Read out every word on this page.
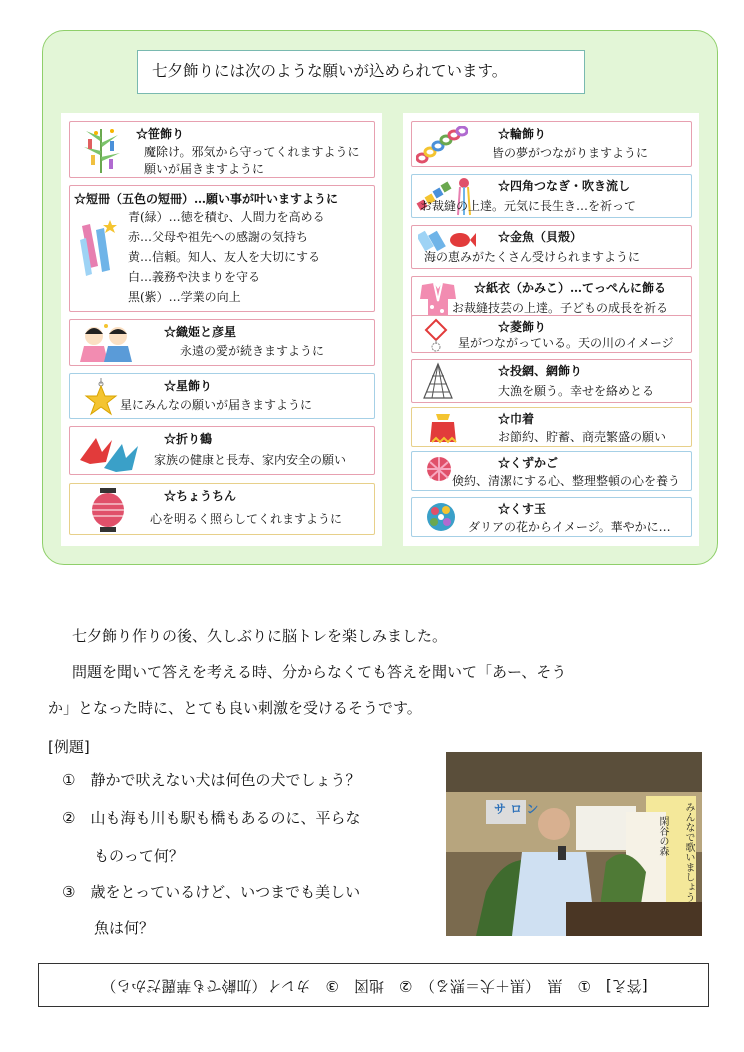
七夕飾りには次のような願いが込められています。
☆笹飾り
魔除け。邪気から守ってくれますように
願いが届きますように
☆短冊（五色の短冊）…願い事が叶いますように
青(緑）…徳を積む、人間力を高める
赤…父母や祖先への感謝の気持ち
黄…信頼。知人、友人を大切にする
白…義務や決まりを守る
黒(紫）…学業の向上
☆織姫と彦星
永遠の愛が続きますように
☆星飾り
星にみんなの願いが届きますように
☆折り鶴
家族の健康と長寿、家内安全の願い
☆ちょうちん
心を明るく照らしてくれますように
☆輪飾り
皆の夢がつながりますように
☆四角つなぎ・吹き流し
お裁縫の上達。元気に長生き…を祈って
☆金魚（貝殻）
海の恵みがたくさん受けられますように
☆紙衣（かみこ）…てっぺんに飾る
お裁縫技芸の上達。子どもの成長を祈る
☆菱飾り
星がつながっている。天の川のイメージ
☆投網、網飾り
大漁を願う。幸せを絡めとる
☆巾着
お節約、貯蓄、商売繁盛の願い
☆くずかご
倹約、清潔にする心、整理整頓の心を養う
☆くす玉
ダリアの花からイメージ。華やかに…
七夕飾り作りの後、久しぶりに脳トレを楽しみました。
問題を聞いて答えを考える時、分からなくても答えを聞いて「あー、そう
か」となった時に、とても良い刺激を受けるそうです。
[例題]
①　静かで吠えない犬は何色の犬でしょう？
②　山も海も川も駅も橋もあるのに、平らな
ものって何？
③　歳をとっているけど、いつまでも美しい
魚は何？
サ ロ ン	みんなで歌いましょう
閑谷の森
[答え]　①　黒　（黒＋犬＝黙る）　②　地図　③　カレイ（加齢でも華麗だから）
